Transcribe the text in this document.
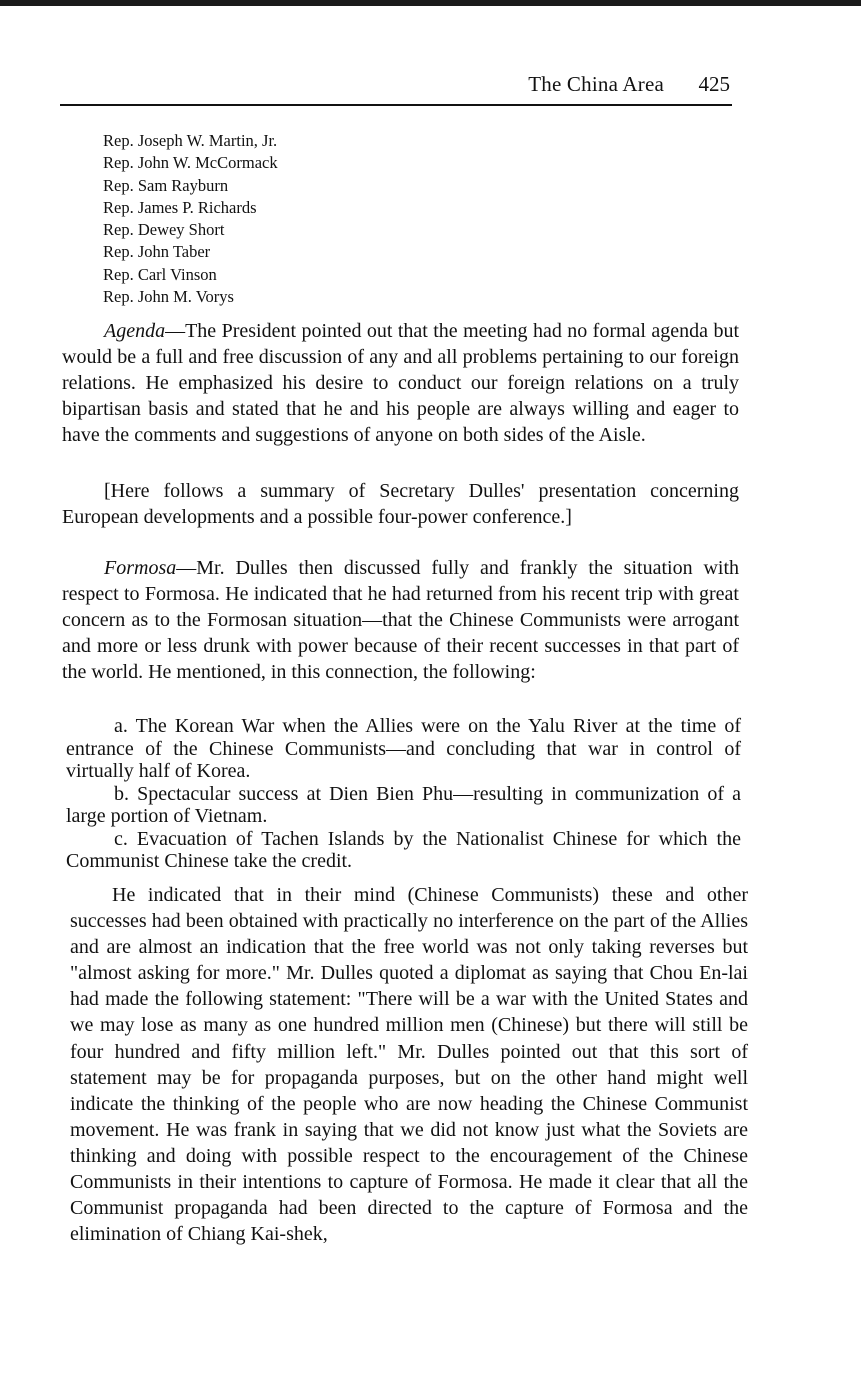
The China Area 425
Rep. Joseph W. Martin, Jr.
Rep. John W. McCormack
Rep. Sam Rayburn
Rep. James P. Richards
Rep. Dewey Short
Rep. John Taber
Rep. Carl Vinson
Rep. John M. Vorys
Agenda—The President pointed out that the meeting had no formal agenda but would be a full and free discussion of any and all problems pertaining to our foreign relations. He emphasized his desire to conduct our foreign relations on a truly bipartisan basis and stated that he and his people are always willing and eager to have the comments and suggestions of anyone on both sides of the Aisle.
[Here follows a summary of Secretary Dulles' presentation concerning European developments and a possible four-power conference.]
Formosa—Mr. Dulles then discussed fully and frankly the situation with respect to Formosa. He indicated that he had returned from his recent trip with great concern as to the Formosan situation—that the Chinese Communists were arrogant and more or less drunk with power because of their recent successes in that part of the world. He mentioned, in this connection, the following:

a. The Korean War when the Allies were on the Yalu River at the time of entrance of the Chinese Communists—and concluding that war in control of virtually half of Korea.

b. Spectacular success at Dien Bien Phu—resulting in communization of a large portion of Vietnam.

c. Evacuation of Tachen Islands by the Nationalist Chinese for which the Communist Chinese take the credit.

He indicated that in their mind (Chinese Communists) these and other successes had been obtained with practically no interference on the part of the Allies and are almost an indication that the free world was not only taking reverses but "almost asking for more." Mr. Dulles quoted a diplomat as saying that Chou En-lai had made the following statement: "There will be a war with the United States and we may lose as many as one hundred million men (Chinese) but there will still be four hundred and fifty million left." Mr. Dulles pointed out that this sort of statement may be for propaganda purposes, but on the other hand might well indicate the thinking of the people who are now heading the Chinese Communist movement. He was frank in saying that we did not know just what the Soviets are thinking and doing with possible respect to the encouragement of the Chinese Communists in their intentions to capture of Formosa. He made it clear that all the Communist propaganda had been directed to the capture of Formosa and the elimination of Chiang Kai-shek,
